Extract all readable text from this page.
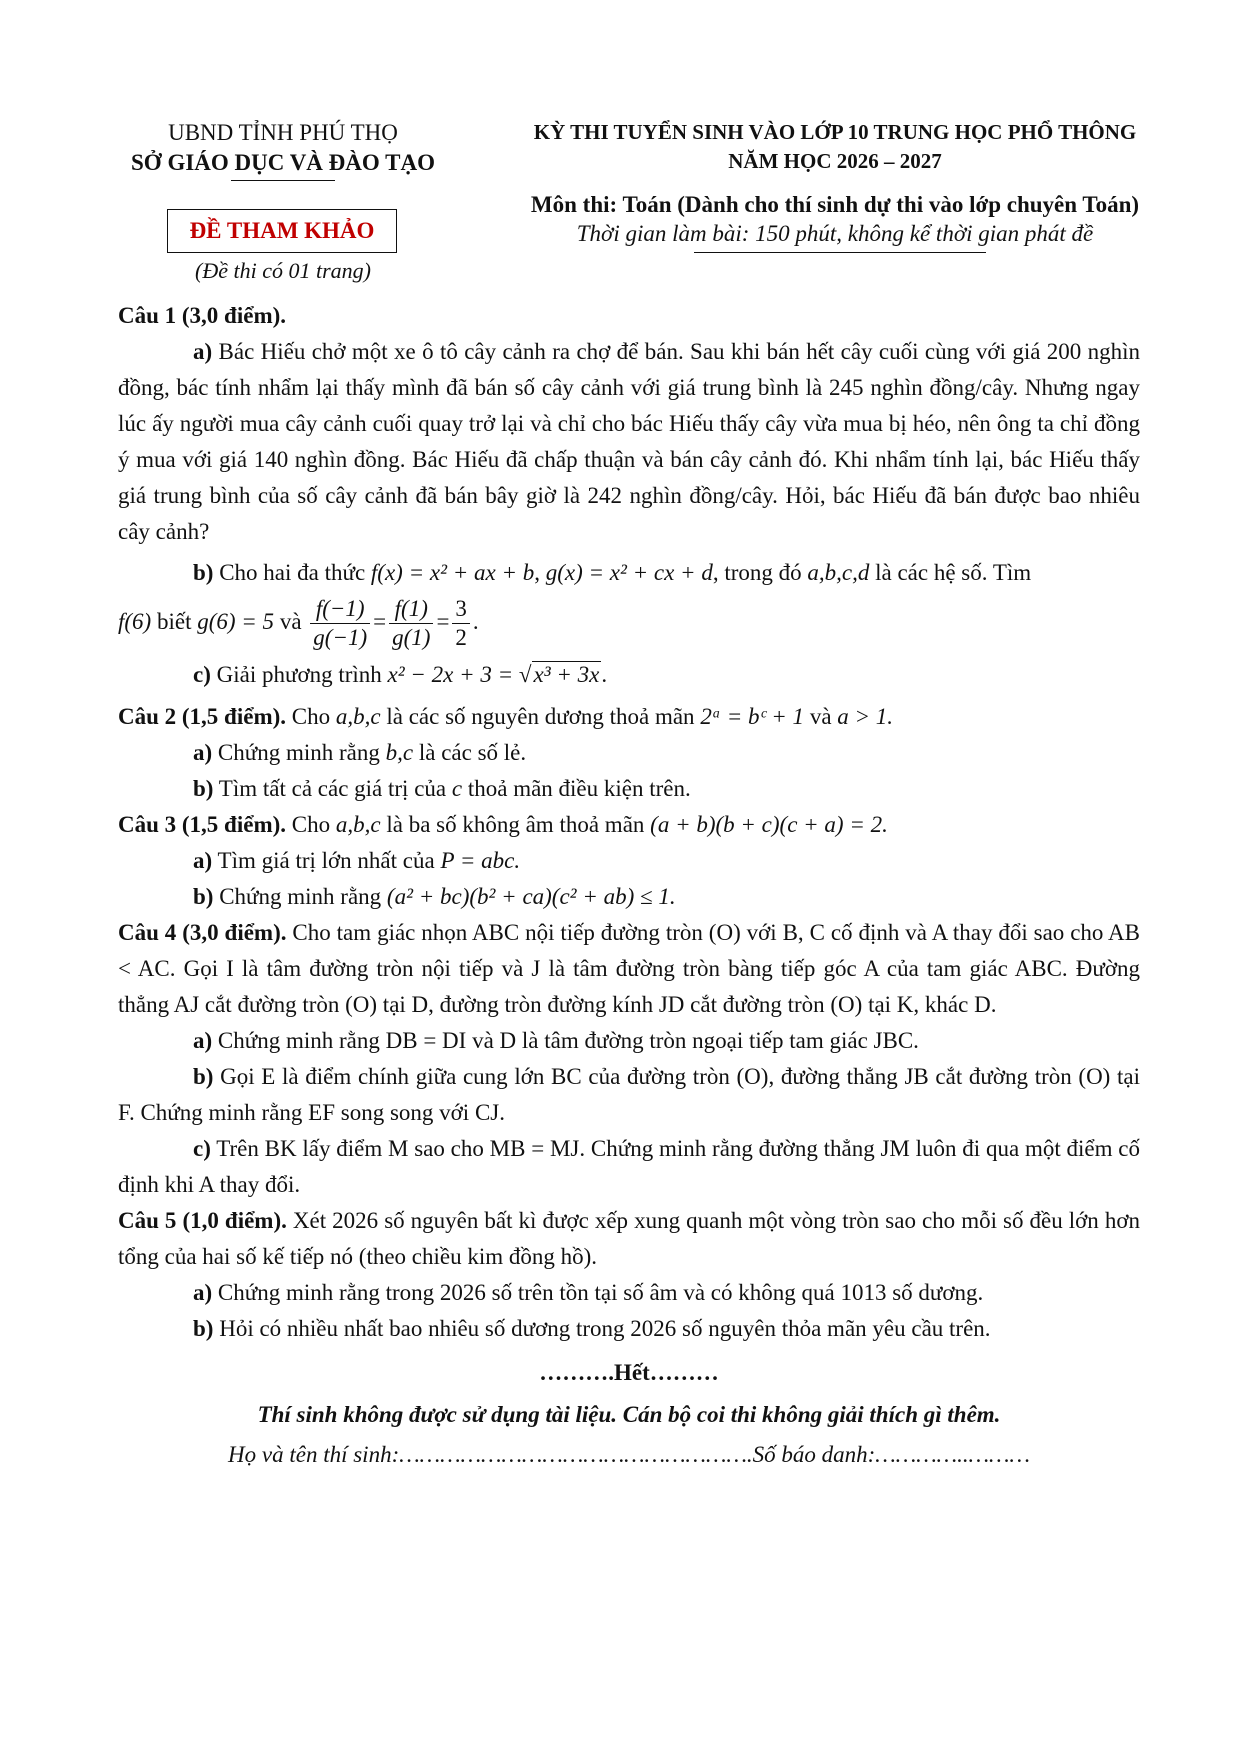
UBND TỈNH PHÚ THỌ
SỞ GIÁO DỤC VÀ ĐÀO TẠO
KỲ THI TUYỂN SINH VÀO LỚP 10 TRUNG HỌC PHỔ THÔNG
NĂM HỌC 2026 – 2027
Môn thi: Toán (Dành cho thí sinh dự thi vào lớp chuyên Toán)
Thời gian làm bài: 150 phút, không kể thời gian phát đề
ĐỀ THAM KHẢO
(Đề thi có 01 trang)
Câu 1 (3,0 điểm).

a) Bác Hiếu chở một xe ô tô cây cảnh ra chợ để bán. Sau khi bán hết cây cuối cùng với giá 200 nghìn đồng, bác tính nhẩm lại thấy mình đã bán số cây cảnh với giá trung bình là 245 nghìn đồng/cây. Nhưng ngay lúc ấy người mua cây cảnh cuối quay trở lại và chỉ cho bác Hiếu thấy cây vừa mua bị héo, nên ông ta chỉ đồng ý mua với giá 140 nghìn đồng. Bác Hiếu đã chấp thuận và bán cây cảnh đó. Khi nhẩm tính lại, bác Hiếu thấy giá trung bình của số cây cảnh đã bán bây giờ là 242 nghìn đồng/cây. Hỏi, bác Hiếu đã bán được bao nhiêu cây cảnh?

b) Cho hai đa thức f(x) = x² + ax + b, g(x) = x² + cx + d, trong đó a,b,c,d là các hệ số. Tìm

f(6) biết g(6) = 5 và $\frac{f(-1)}{g(-1)} = \frac{f(1)}{g(1)} = \frac{3}{2}$ .

c) Giải phương trình x² − 2x + 3 = √x³ + 3x.

Câu 2 (1,5 điểm). Cho a,b,c là các số nguyên dương thoả mãn 2ᵃ = bᶜ + 1 và a > 1.

a) Chứng minh rằng b,c là các số lẻ.

b) Tìm tất cả các giá trị của c thoả mãn điều kiện trên.

Câu 3 (1,5 điểm). Cho a,b,c là ba số không âm thoả mãn (a + b)(b + c)(c + a) = 2.

a) Tìm giá trị lớn nhất của P = abc.

b) Chứng minh rằng (a² + bc)(b² + ca)(c² + ab) ≤ 1.

Câu 4 (3,0 điểm). Cho tam giác nhọn ABC nội tiếp đường tròn (O) với B, C cố định và A thay đổi sao cho AB < AC. Gọi I là tâm đường tròn nội tiếp và J là tâm đường tròn bàng tiếp góc A của tam giác ABC. Đường thẳng AJ cắt đường tròn (O) tại D, đường tròn đường kính JD cắt đường tròn (O) tại K, khác D.

a) Chứng minh rằng DB = DI và D là tâm đường tròn ngoại tiếp tam giác JBC.

b) Gọi E là điểm chính giữa cung lớn BC của đường tròn (O), đường thẳng JB cắt đường tròn (O) tại F. Chứng minh rằng EF song song với CJ.

c) Trên BK lấy điểm M sao cho MB = MJ. Chứng minh rằng đường thẳng JM luôn đi qua một điểm cố định khi A thay đổi.

Câu 5 (1,0 điểm). Xét 2026 số nguyên bất kì được xếp xung quanh một vòng tròn sao cho mỗi số đều lớn hơn tổng của hai số kế tiếp nó (theo chiều kim đồng hồ).

a) Chứng minh rằng trong 2026 số trên tồn tại số âm và có không quá 1013 số dương.

b) Hỏi có nhiều nhất bao nhiêu số dương trong 2026 số nguyên thỏa mãn yêu cầu trên.

……….Hết………
Thí sinh không được sử dụng tài liệu. Cán bộ coi thi không giải thích gì thêm.
Họ và tên thí sinh:…………………………………………….Số báo danh:…………..………
